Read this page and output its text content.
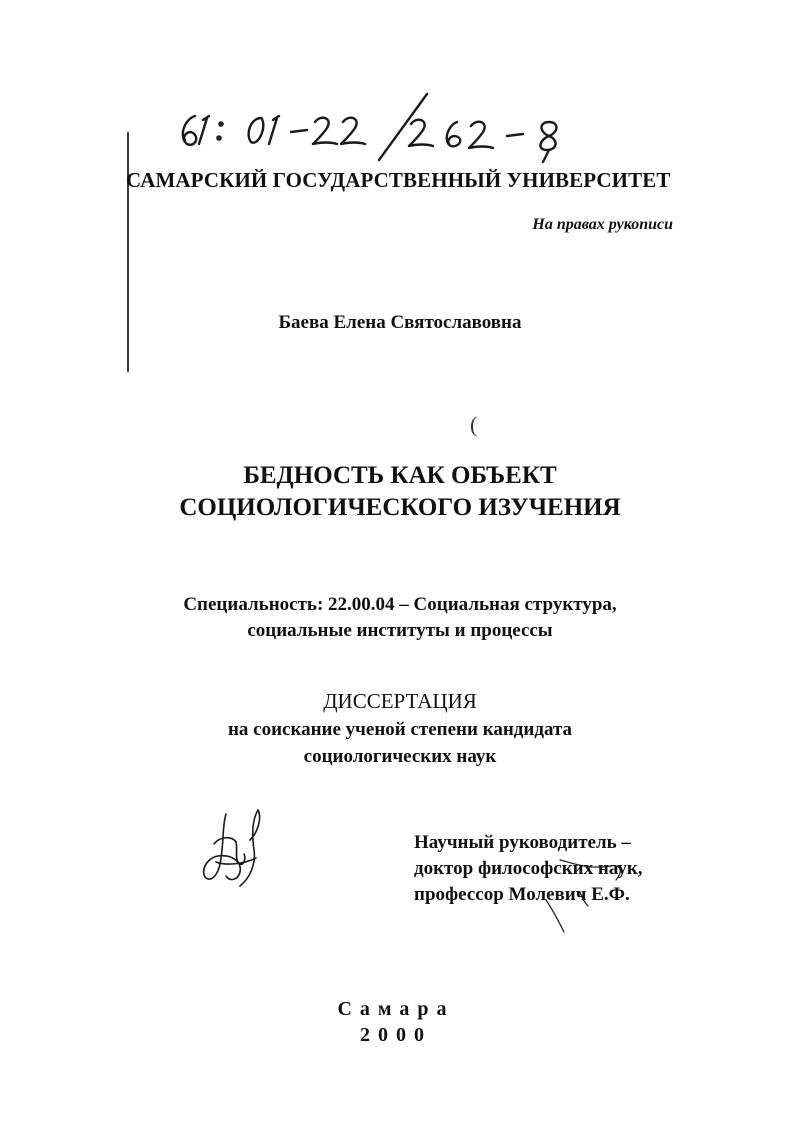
САМАРСКИЙ ГОСУДАРСТВЕННЫЙ УНИВЕРСИТЕТ
На правах рукописи
Баева Елена Святославовна
(
БЕДНОСТЬ КАК ОБЪЕКТ
СОЦИОЛОГИЧЕСКОГО ИЗУЧЕНИЯ
Специальность: 22.00.04 – Социальная структура,
социальные институты и процессы
ДИССЕРТАЦИЯ
на соискание ученой степени кандидата
социологических наук
Научный руководитель –
доктор философских наук,
профессор Молевич Е.Ф.
Самара
2000
